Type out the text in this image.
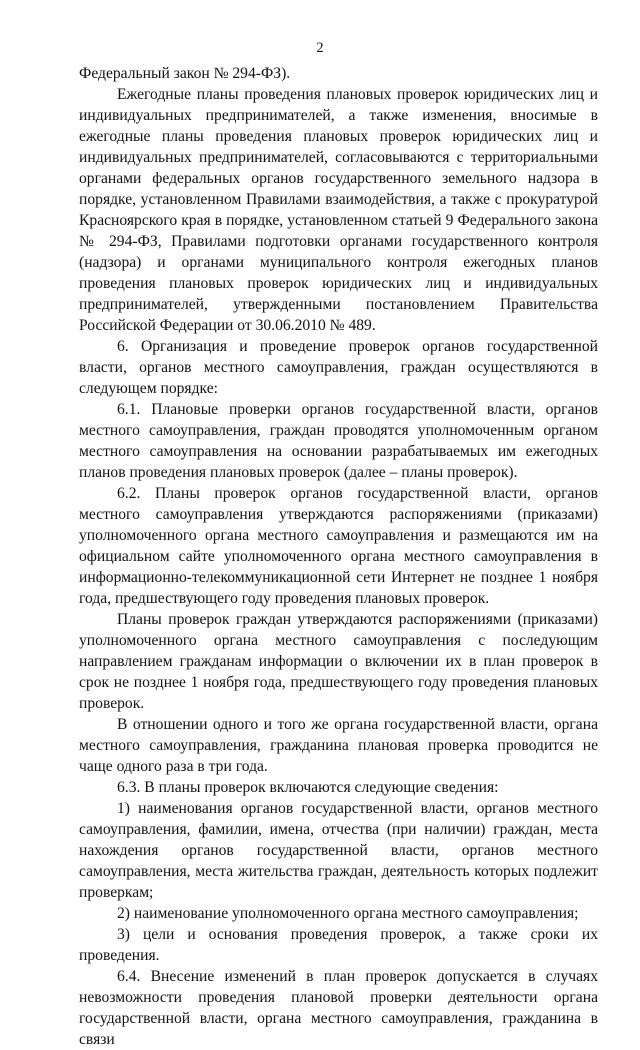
2

Федеральный закон № 294-ФЗ).

Ежегодные планы проведения плановых проверок юридических лиц и индивидуальных предпринимателей, а также изменения, вносимые в ежегодные планы проведения плановых проверок юридических лиц и индивидуальных предпринимателей, согласовываются с территориальными органами федеральных органов государственного земельного надзора в порядке, установленном Правилами взаимодействия, а также с прокуратурой Красноярского края в порядке, установленном статьей 9 Федерального закона № 294-ФЗ, Правилами подготовки органами государственного контроля (надзора) и органами муниципального контроля ежегодных планов проведения плановых проверок юридических лиц и индивидуальных предпринимателей, утвержденными постановлением Правительства Российской Федерации от 30.06.2010 № 489.

6. Организация и проведение проверок органов государственной власти, органов местного самоуправления, граждан осуществляются в следующем порядке:

6.1. Плановые проверки органов государственной власти, органов местного самоуправления, граждан проводятся уполномоченным органом местного самоуправления на основании разрабатываемых им ежегодных планов проведения плановых проверок (далее – планы проверок).

6.2. Планы проверок органов государственной власти, органов местного самоуправления утверждаются распоряжениями (приказами) уполномоченного органа местного самоуправления и размещаются им на официальном сайте уполномоченного органа местного самоуправления в информационно-телекоммуникационной сети Интернет не позднее 1 ноября года, предшествующего году проведения плановых проверок.

Планы проверок граждан утверждаются распоряжениями (приказами) уполномоченного органа местного самоуправления с последующим направлением гражданам информации о включении их в план проверок в срок не позднее 1 ноября года, предшествующего году проведения плановых проверок.

В отношении одного и того же органа государственной власти, органа местного самоуправления, гражданина плановая проверка проводится не чаще одного раза в три года.

6.3. В планы проверок включаются следующие сведения:

1) наименования органов государственной власти, органов местного самоуправления, фамилии, имена, отчества (при наличии) граждан, места нахождения органов государственной власти, органов местного самоуправления, места жительства граждан, деятельность которых подлежит проверкам;

2) наименование уполномоченного органа местного самоуправления;

3) цели и основания проведения проверок, а также сроки их проведения.

6.4. Внесение изменений в план проверок допускается в случаях невозможности проведения плановой проверки деятельности органа государственной власти, органа местного самоуправления, гражданина в связи
